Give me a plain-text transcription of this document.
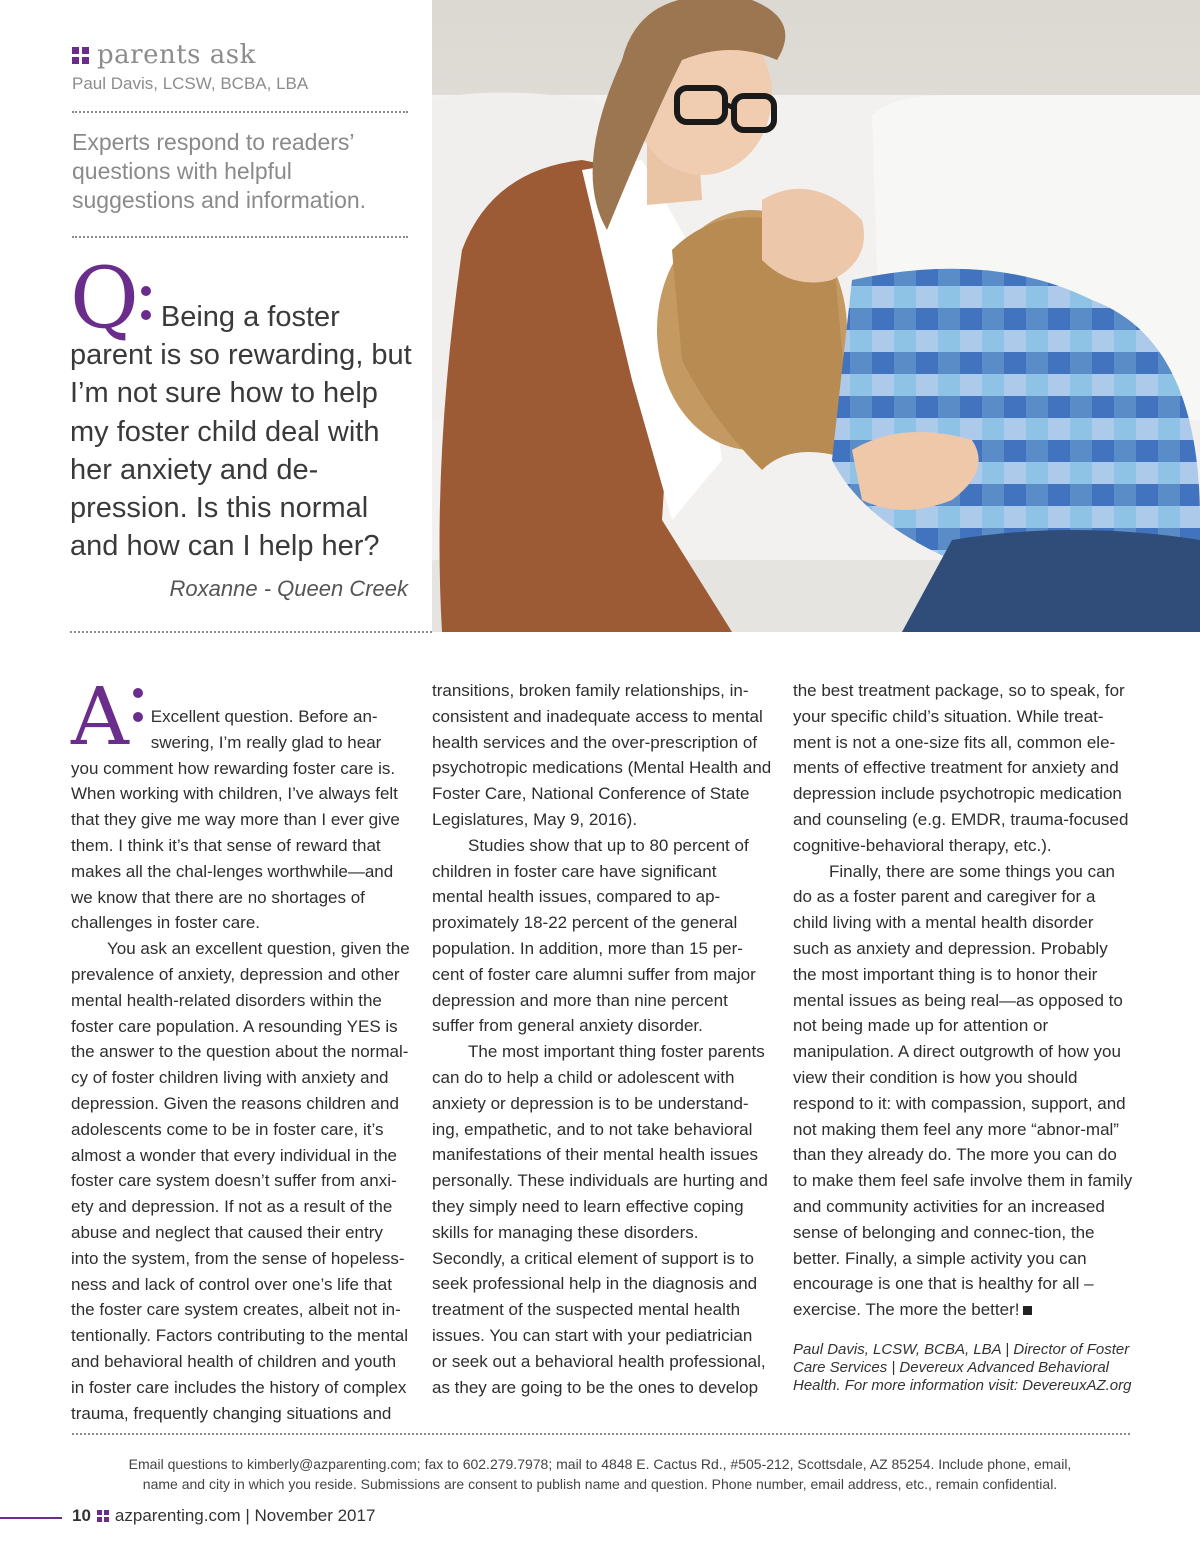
parents ask
Paul Davis, LCSW, BCBA, LBA
Experts respond to readers’ questions with helpful suggestions and information.
Q Being a foster parent is so rewarding, but I’m not sure how to help my foster child deal with her anxiety and de-pression. Is this normal and how can I help her?
Roxanne - Queen Creek
A	Excellent question. Before an-swering, I’m really glad to hear you comment how rewarding foster care is. When working with children, I’ve always felt that they give me way more than I ever give them. I think it’s that sense of reward that makes all the chal-lenges worthwhile—and we know that there are no shortages of challenges in foster care.

You ask an excellent question, given the prevalence of anxiety, depression and other mental health-related disorders within the foster care population. A resounding YES is the answer to the question about the normal-cy of foster children living with anxiety and depression. Given the reasons children and adolescents come to be in foster care, it’s almost a wonder that every individual in the foster care system doesn’t suffer from anxi-ety and depression. If not as a result of the abuse and neglect that caused their entry into the system, from the sense of hopeless-ness and lack of control over one’s life that the foster care system creates, albeit not in-tentionally. Factors contributing to the mental and behavioral health of children and youth in foster care includes the history of complex trauma, frequently changing situations and

transitions, broken family relationships, in-consistent and inadequate access to mental health services and the over-prescription of psychotropic medications (Mental Health and Foster Care, National Conference of State Legislatures, May 9, 2016).

Studies show that up to 80 percent of children in foster care have significant mental health issues, compared to ap-proximately 18-22 percent of the general population. In addition, more than 15 per-cent of foster care alumni suffer from major depression and more than nine percent suffer from general anxiety disorder.

The most important thing foster parents can do to help a child or adolescent with anxiety or depression is to be understand-ing, empathetic, and to not take behavioral manifestations of their mental health issues personally. These individuals are hurting and they simply need to learn effective coping skills for managing these disorders. Secondly, a critical element of support is to seek professional help in the diagnosis and treatment of the suspected mental health issues. You can start with your pediatrician or seek out a behavioral health professional, as they are going to be the ones to develop

the best treatment package, so to speak, for your specific child’s situation. While treat-ment is not a one-size fits all, common ele-ments of effective treatment for anxiety and depression include psychotropic medication and counseling (e.g. EMDR, trauma-focused cognitive-behavioral therapy, etc.).

Finally, there are some things you can do as a foster parent and caregiver for a child living with a mental health disorder such as anxiety and depression. Probably the most important thing is to honor their mental issues as being real—as opposed to not being made up for attention or manipulation. A direct outgrowth of how you view their condition is how you should respond to it: with compassion, support, and not making them feel any more “abnor-mal” than they already do. The more you can do to make them feel safe involve them in family and community activities for an increased sense of belonging and connec-tion, the better. Finally, a simple activity you can encourage is one that is healthy for all – exercise. The more the better!

Paul Davis, LCSW, BCBA, LBA | Director of Foster Care Services | Devereux Advanced Behavioral Health. For more information visit: DevereuxAZ.org
Email questions to kimberly@azparenting.com; fax to 602.279.7978; mail to 4848 E. Cactus Rd., #505-212, Scottsdale, AZ 85254. Include phone, email,
name and city in which you reside. Submissions are consent to publish name and question. Phone number, email address, etc., remain confidential.
10 azparenting.com | November 2017
